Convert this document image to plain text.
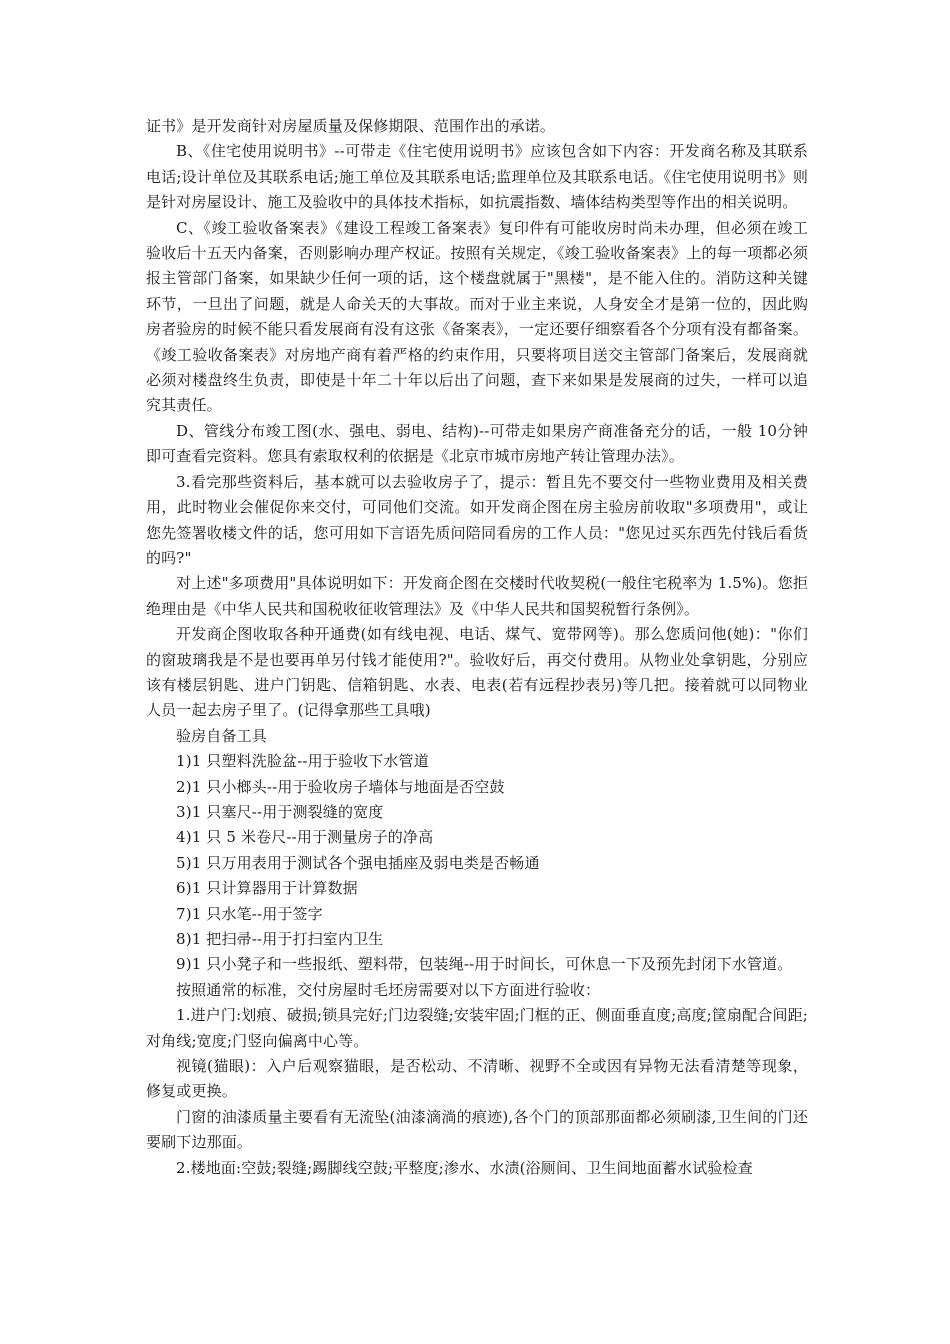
证书》是开发商针对房屋质量及保修期限、范围作出的承诺。

B、《住宅使用说明书》--可带走《住宅使用说明书》应该包含如下内容：开发商名称及其联系电话;设计单位及其联系电话;施工单位及其联系电话;监理单位及其联系电话。《住宅使用说明书》则是针对房屋设计、施工及验收中的具体技术指标，如抗震指数、墙体结构类型等作出的相关说明。

C、《竣工验收备案表》《建设工程竣工备案表》复印件有可能收房时尚未办理，但必须在竣工验收后十五天内备案，否则影响办理产权证。按照有关规定，《竣工验收备案表》上的每一项都必须报主管部门备案，如果缺少任何一项的话，这个楼盘就属于"黑楼"，是不能入住的。消防这种关键环节，一旦出了问题，就是人命关天的大事故。而对于业主来说，人身安全才是第一位的，因此购房者验房的时候不能只看发展商有没有这张《备案表》，一定还要仔细察看各个分项有没有都备案。《竣工验收备案表》对房地产商有着严格的约束作用，只要将项目送交主管部门备案后，发展商就必须对楼盘终生负责，即使是十年二十年以后出了问题，查下来如果是发展商的过失，一样可以追究其责任。

D、管线分布竣工图(水、强电、弱电、结构)--可带走如果房产商准备充分的话，一般 10分钟即可查看完资料。您具有索取权利的依据是《北京市城市房地产转让管理办法》。

3.看完那些资料后，基本就可以去验收房子了，提示：暂且先不要交付一些物业费用及相关费用，此时物业会催促你来交付，可同他们交流。如开发商企图在房主验房前收取"多项费用"，或让您先签署收楼文件的话，您可用如下言语先质问陪同看房的工作人员："您见过买东西先付钱后看货的吗?"

对上述"多项费用"具体说明如下：开发商企图在交楼时代收契税(一般住宅税率为 1.5%)。您拒绝理由是《中华人民共和国税收征收管理法》及《中华人民共和国契税暂行条例》。

开发商企图收取各种开通费(如有线电视、电话、煤气、宽带网等)。那么您质问他(她)："你们的窗玻璃我是不是也要再单另付钱才能使用?"。验收好后，再交付费用。从物业处拿钥匙，分别应该有楼层钥匙、进户门钥匙、信箱钥匙、水表、电表(若有远程抄表另)等几把。接着就可以同物业人员一起去房子里了。(记得拿那些工具哦)

验房自备工具

1)1 只塑料洗脸盆--用于验收下水管道

2)1 只小榔头--用于验收房子墙体与地面是否空鼓

3)1 只塞尺--用于测裂缝的宽度

4)1 只 5 米卷尺--用于测量房子的净高

5)1 只万用表用于测试各个强电插座及弱电类是否畅通

6)1 只计算器用于计算数据

7)1 只水笔--用于签字

8)1 把扫帚--用于打扫室内卫生

9)1 只小凳子和一些报纸、塑料带，包装绳--用于时间长，可休息一下及预先封闭下水管道。

按照通常的标准，交付房屋时毛坯房需要对以下方面进行验收：

1.进户门:划痕、破损;锁具完好;门边裂缝;安装牢固;门框的正、侧面垂直度;高度;筐扇配合间距;对角线;宽度;门竖向偏离中心等。

视镜(猫眼)：入户后观察猫眼，是否松动、不清晰、视野不全或因有异物无法看清楚等现象，修复或更换。

门窗的油漆质量主要看有无流坠(油漆滴淌的痕迹),各个门的顶部那面都必须刷漆,卫生间的门还要刷下边那面。

2.楼地面:空鼓;裂缝;踢脚线空鼓;平整度;渗水、水渍(浴厕间、卫生间地面蓄水试验检查
